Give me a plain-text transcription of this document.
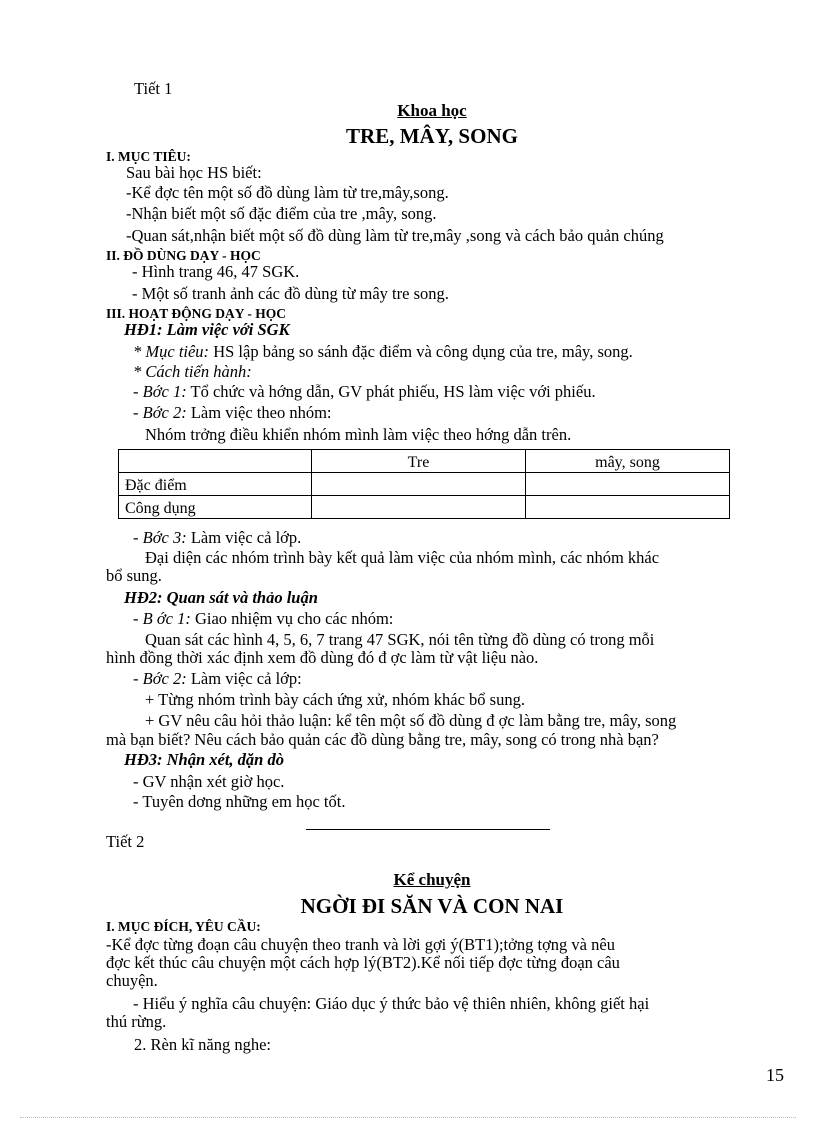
Tiết 1
Khoa học
TRE, MÂY, SONG
I. MỤC TIÊU:
Sau bài học HS biết:
-Kể đợc tên một số đồ dùng làm từ tre,mây,song.
-Nhận biết một số đặc điểm của tre ,mây, song.
-Quan sát,nhận biết một số đồ dùng làm từ tre,mây ,song và cách bảo quản chúng
II. ĐỒ DÙNG DẠY - HỌC
- Hình trang 46, 47 SGK.
- Một số tranh ảnh các đồ dùng từ mây tre song.
III. HOẠT ĐỘNG DẠY - HỌC
HĐ1: Làm việc với SGK
* Mục tiêu: HS lập bảng so sánh đặc điểm và công dụng của tre, mây, song.
* Cách tiến hành:
- Bớc 1: Tổ chức và hớng dẫn, GV phát phiếu, HS làm việc với phiếu.
- Bớc 2: Làm việc theo nhóm:
Nhóm trởng điều khiển nhóm mình làm việc theo hớng dẫn trên.
	Tre	mây, song
Đặc điểm		
Công dụng		
- Bớc 3: Làm việc cả lớp.
Đại diện các nhóm trình bày kết quả làm việc của nhóm mình, các nhóm khác
bổ sung.
HĐ2: Quan sát và thảo luận
- B ớc 1: Giao nhiệm vụ cho các nhóm:
Quan sát các hình 4, 5, 6, 7 trang 47 SGK, nói tên từng đồ dùng có trong mỗi
hình đồng thời xác định xem đồ dùng đó đ ợc làm từ vật liệu nào.
- Bớc 2: Làm việc cả lớp:
+ Từng nhóm trình bày cách ứng xử, nhóm khác bổ sung.
+ GV nêu câu hỏi thảo luận: kể tên một số đồ dùng đ ợc làm bằng tre, mây, song
mà bạn biết? Nêu cách bảo quản các đồ dùng bằng tre, mây, song có trong nhà bạn?
HĐ3: Nhận xét, dặn dò
- GV nhận xét giờ học.
- Tuyên dơng những em học tốt.
Tiết 2
Kể chuyện
NGỜI ĐI SĂN VÀ CON NAI
I. MỤC ĐÍCH, YÊU CẦU:
-Kể đợc từng đoạn câu chuyện theo tranh và lời gợi ý(BT1);tởng tợng và nêu
đợc kết thúc câu chuyện một cách hợp lý(BT2).Kể nối tiếp đợc từng đoạn câu
chuyện.
- Hiểu ý nghĩa câu chuyện: Giáo dục ý thức bảo vệ thiên nhiên, không giết hại
thú rừng.
2. Rèn kĩ năng nghe:
15
